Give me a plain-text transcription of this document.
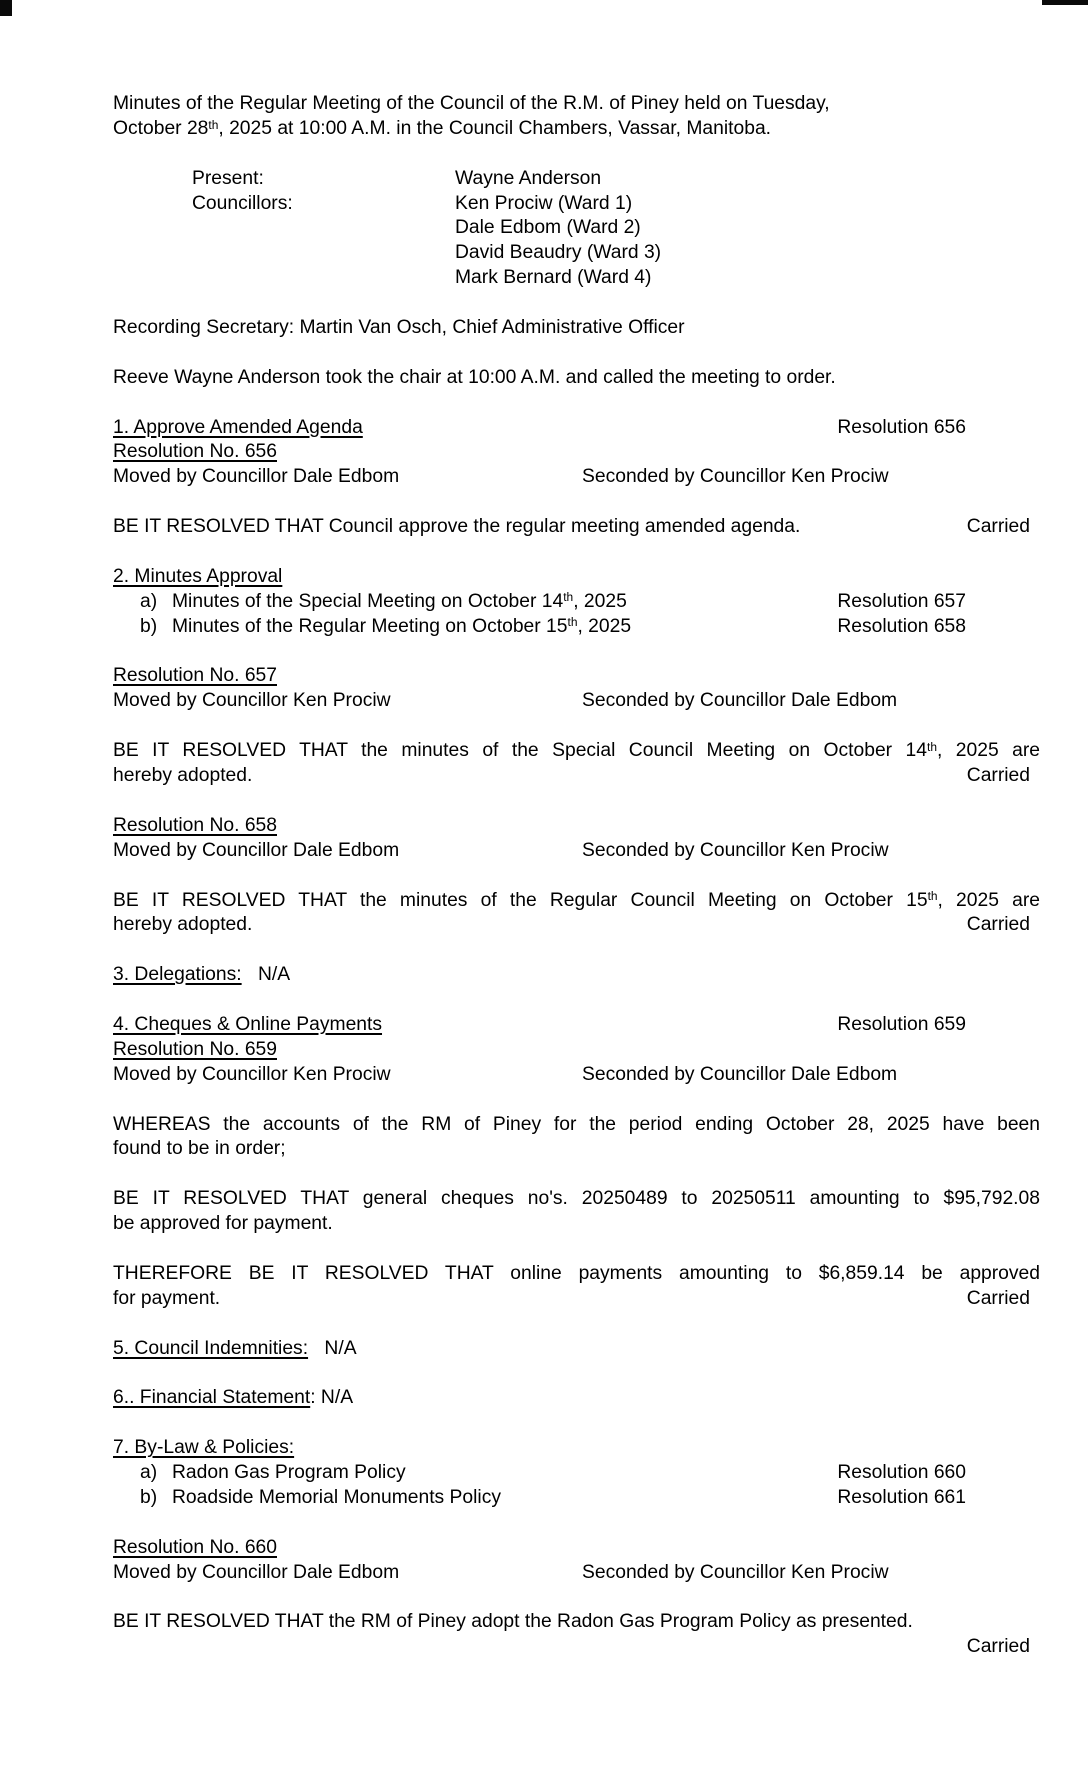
Minutes of the Regular Meeting of the Council of the R.M. of Piney held on Tuesday,
October 28th, 2025 at 10:00 A.M. in the Council Chambers, Vassar, Manitoba.
Present:	Wayne Anderson
Councillors:	Ken Prociw (Ward 1)
Dale Edbom (Ward 2)
David Beaudry (Ward 3)
Mark Bernard (Ward 4)
Recording Secretary: Martin Van Osch, Chief Administrative Officer
Reeve Wayne Anderson took the chair at 10:00 A.M. and called the meeting to order.
1. Approve Amended Agenda	Resolution 656
Resolution No. 656
Moved by Councillor Dale Edbom	Seconded by Councillor Ken Prociw
BE IT RESOLVED THAT Council approve the regular meeting amended agenda.	Carried
2. Minutes Approval
a) Minutes of the Special Meeting on October 14th, 2025	Resolution 657
b) Minutes of the Regular Meeting on October 15th, 2025	Resolution 658
Resolution No. 657
Moved by Councillor Ken Prociw	Seconded by Councillor Dale Edbom
BE IT RESOLVED THAT the minutes of the Special Council Meeting on October 14th, 2025 are
hereby adopted.	Carried
Resolution No. 658
Moved by Councillor Dale Edbom	Seconded by Councillor Ken Prociw
BE IT RESOLVED THAT the minutes of the Regular Council Meeting on October 15th, 2025 are
hereby adopted.	Carried
3. Delegations: N/A
4. Cheques & Online Payments	Resolution 659
Resolution No. 659
Moved by Councillor Ken Prociw	Seconded by Councillor Dale Edbom
WHEREAS the accounts of the RM of Piney for the period ending October 28, 2025 have been
found to be in order;
BE IT RESOLVED THAT general cheques no's. 20250489 to 20250511 amounting to $95,792.08
be approved for payment.
THEREFORE BE IT RESOLVED THAT online payments amounting to $6,859.14 be approved
for payment.	Carried
5. Council Indemnities: N/A
6.. Financial Statement: N/A
7. By-Law & Policies:
a) Radon Gas Program Policy	Resolution 660
b) Roadside Memorial Monuments Policy	Resolution 661
Resolution No. 660
Moved by Councillor Dale Edbom	Seconded by Councillor Ken Prociw
BE IT RESOLVED THAT the RM of Piney adopt the Radon Gas Program Policy as presented.
Carried
